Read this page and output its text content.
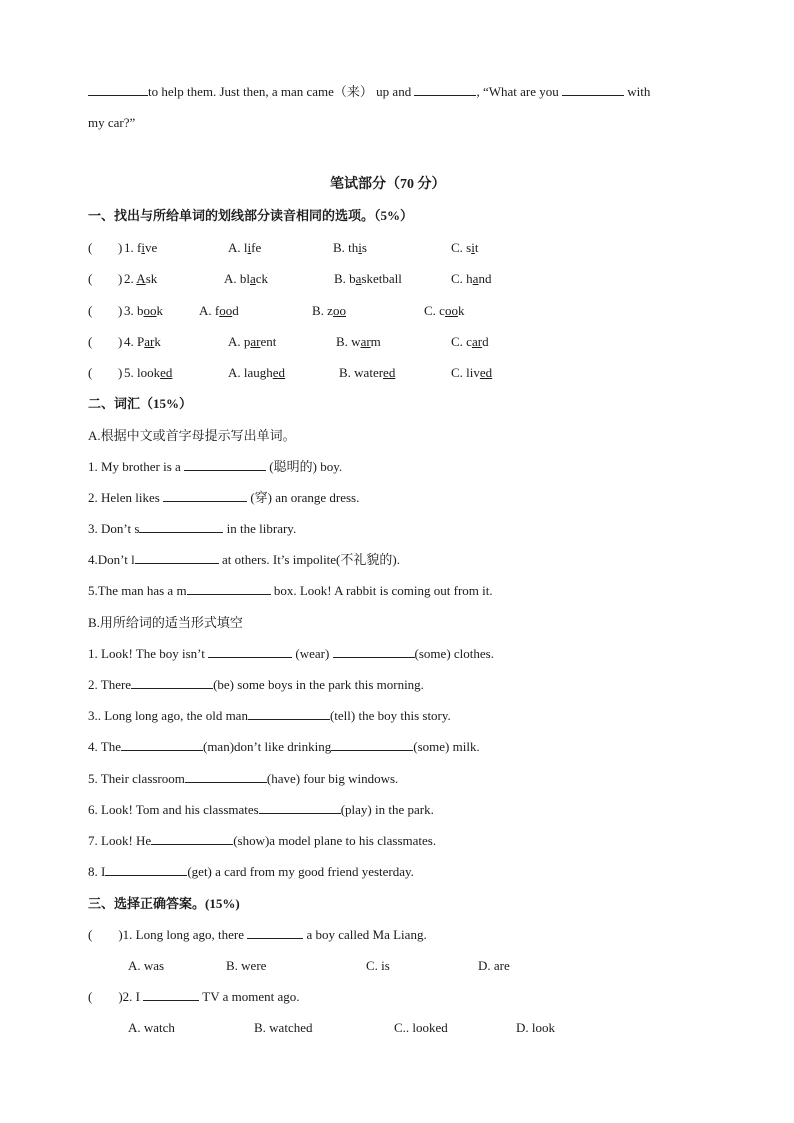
to help them. Just then, a man came（来） up and	, “What are you	with
my car?”
笔试部分（70 分）
一、找出与所给单词的划线部分读音相同的选项。（5%）
( ) 1. five	A. life	B. this	C. sit
( ) 2. Ask	A. black	B. basketball	C. hand
( ) 3. book	A. food	B. zoo	C. cook
( ) 4. Park	A. parent	B. warm	C. card
( ) 5. looked	A. laughed	B. watered	C. lived
二、词汇（15%）
A.根据中文或首字母提示写出单词。
1. My brother is a	(聪明的) boy.
2. Helen likes	(穿) an orange dress.
3. Don’t s	in the library.
4.Don’t l	at others. It’s impolite(不礼貌的).
5.The man has a m	box. Look! A rabbit is coming out from it.
B.用所给词的适当形式填空
1. Look! The boy isn’t	(wear)	(some) clothes.
2. There	(be) some boys in the park this morning.
3.. Long long ago, the old man	(tell) the boy this story.
4. The	(man)don’t like drinking	(some) milk.
5. Their classroom	(have) four big windows.
6. Look! Tom and his classmates	(play) in the park.
7. Look! He	(show)a model plane to his classmates.
8. I	(get) a card from my good friend yesterday.
三、选择正确答案。(15%)
( )1. Long long ago, there	a boy called Ma Liang.
A. was	B. were	C. is	D. are
( )2. I	TV a moment ago.
A. watch	B. watched	C.. looked	D. look
